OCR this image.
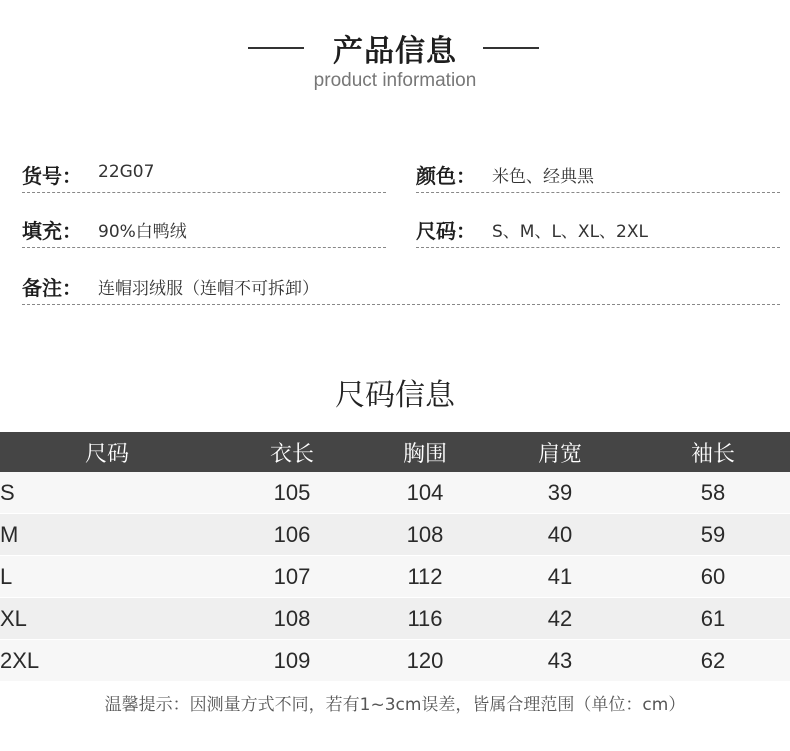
产品信息
product information
货号： 22G07	颜色： 米色、经典黑
填充： 90%白鸭绒	尺码： S、M、L、XL、2XL
备注： 连帽羽绒服（连帽不可拆卸）
尺码信息
尺码	衣长	胸围	肩宽	袖长
S	105	104	39	58
M	106	108	40	59
L	107	112	41	60
XL	108	116	42	61
2XL	109	120	43	62
温馨提示：因测量方式不同，若有1~3cm误差，皆属合理范围（单位：cm）
